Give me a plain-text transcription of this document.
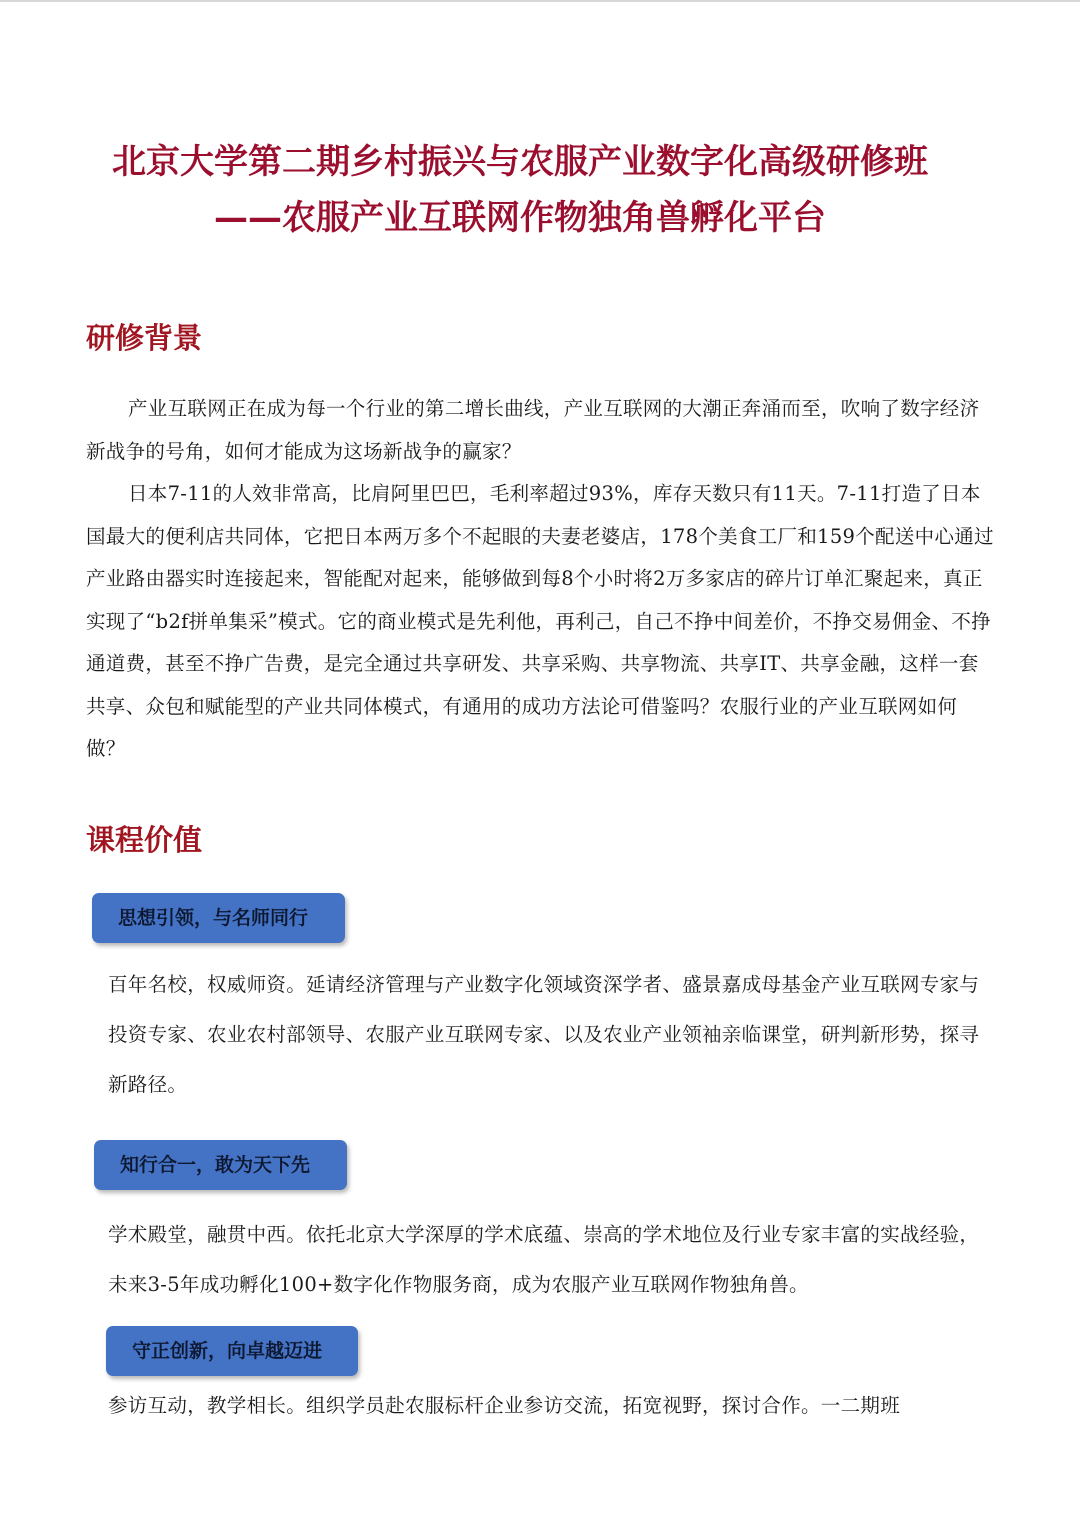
北京大学第二期乡村振兴与农服产业数字化高级研修班
——农服产业互联网作物独角兽孵化平台
研修背景

产业互联网正在成为每一个行业的第二增长曲线，产业互联网的大潮正奔涌而至，吹响了数字经济新战争的号角，如何才能成为这场新战争的赢家？

日本7-11的人效非常高，比肩阿里巴巴，毛利率超过93%，库存天数只有11天。7-11打造了日本国最大的便利店共同体，它把日本两万多个不起眼的夫妻老婆店，178个美食工厂和159个配送中心通过产业路由器实时连接起来，智能配对起来，能够做到每8个小时将2万多家店的碎片订单汇聚起来，真正实现了“b2f拼单集采”模式。它的商业模式是先利他，再利己，自己不挣中间差价，不挣交易佣金、不挣通道费，甚至不挣广告费，是完全通过共享研发、共享采购、共享物流、共享IT、共享金融，这样一套共享、众包和赋能型的产业共同体模式，有通用的成功方法论可借鉴吗？农服行业的产业互联网如何做？

课程价值
思想引领，与名师同行

百年名校，权威师资。延请经济管理与产业数字化领域资深学者、盛景嘉成母基金产业互联网专家与投资专家、农业农村部领导、农服产业互联网专家、以及农业产业领袖亲临课堂，研判新形势，探寻新路径。

知行合一，敢为天下先

学术殿堂，融贯中西。依托北京大学深厚的学术底蕴、崇高的学术地位及行业专家丰富的实战经验，未来3-5年成功孵化100+数字化作物服务商，成为农服产业互联网作物独角兽。

守正创新，向卓越迈进

参访互动，教学相长。组织学员赴农服标杆企业参访交流，拓宽视野，探讨合作。一二期班
